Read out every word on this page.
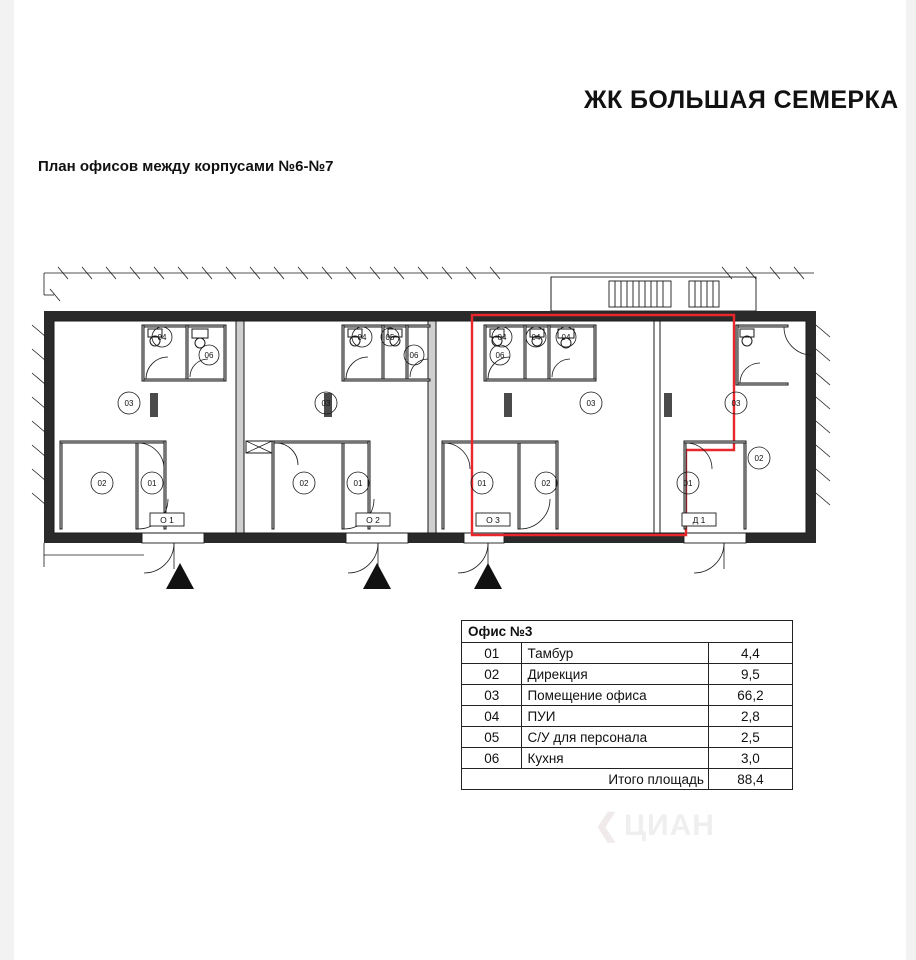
ЖК БОЛЬШАЯ СЕМЕРКА
План офисов между корпусами №6-№7
03
04
06
02	01
03
04 05
06
02	01
03
04	04	04
06
01	02
03
02
01
О 1	О 2	О 3	Д 1
Офис №3
01	Тамбур	4,4
02	Дирекция	9,5
03	Помещение офиса	66,2
04	ПУИ	2,8
05	С/У для персонала	2,5
06	Кухня	3,0
	Итого площадь	88,4
❮ ЦИАН
